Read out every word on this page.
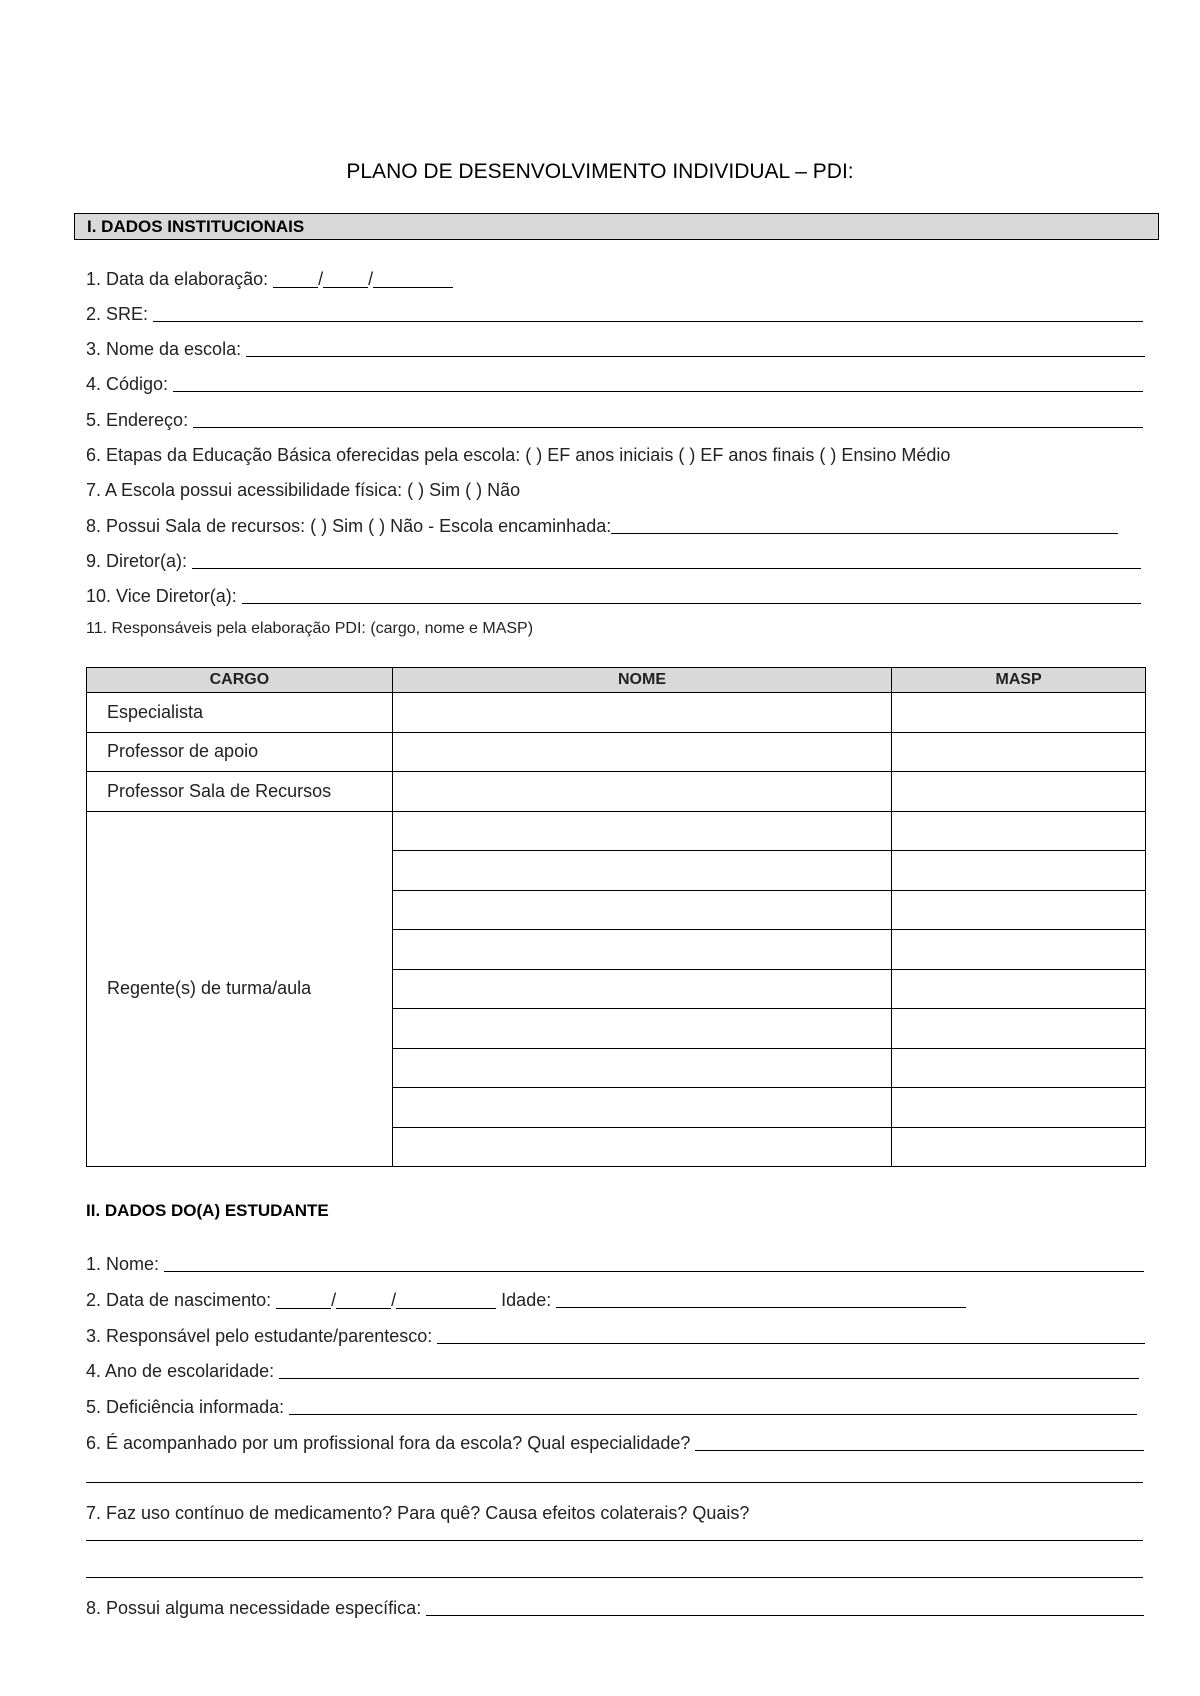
PLANO DE DESENVOLVIMENTO INDIVIDUAL – PDI:
I. DADOS INSTITUCIONAIS
1. Data da elaboração:
	/	/
2. SRE:

3. Nome da escola:

4. Código:

5. Endereço:

6. Etapas da Educação Básica oferecidas pela escola: ( ) EF anos iniciais ( ) EF anos finais ( ) Ensino Médio
7. A Escola possui acessibilidade física: ( ) Sim ( ) Não
8. Possui Sala de recursos: ( ) Sim ( ) Não - Escola encaminhada:
9. Diretor(a):

10. Vice Diretor(a):

11. Responsáveis pela elaboração PDI: (cargo, nome e MASP)
CARGO	NOME	MASP
Especialista		
Professor de apoio		
Professor Sala de Recursos		
Regente(s) de turma/aula		

II. DADOS DO(A) ESTUDANTE
1. Nome:

2. Data de nascimento:
	/	/
	Idade:

3. Responsável pelo estudante/parentesco:

4. Ano de escolaridade:

5. Deficiência informada:

6. É acompanhado por um profissional fora da escola? Qual especialidade?

7. Faz uso contínuo de medicamento? Para quê? Causa efeitos colaterais? Quais?
8. Possui alguma necessidade específica:
